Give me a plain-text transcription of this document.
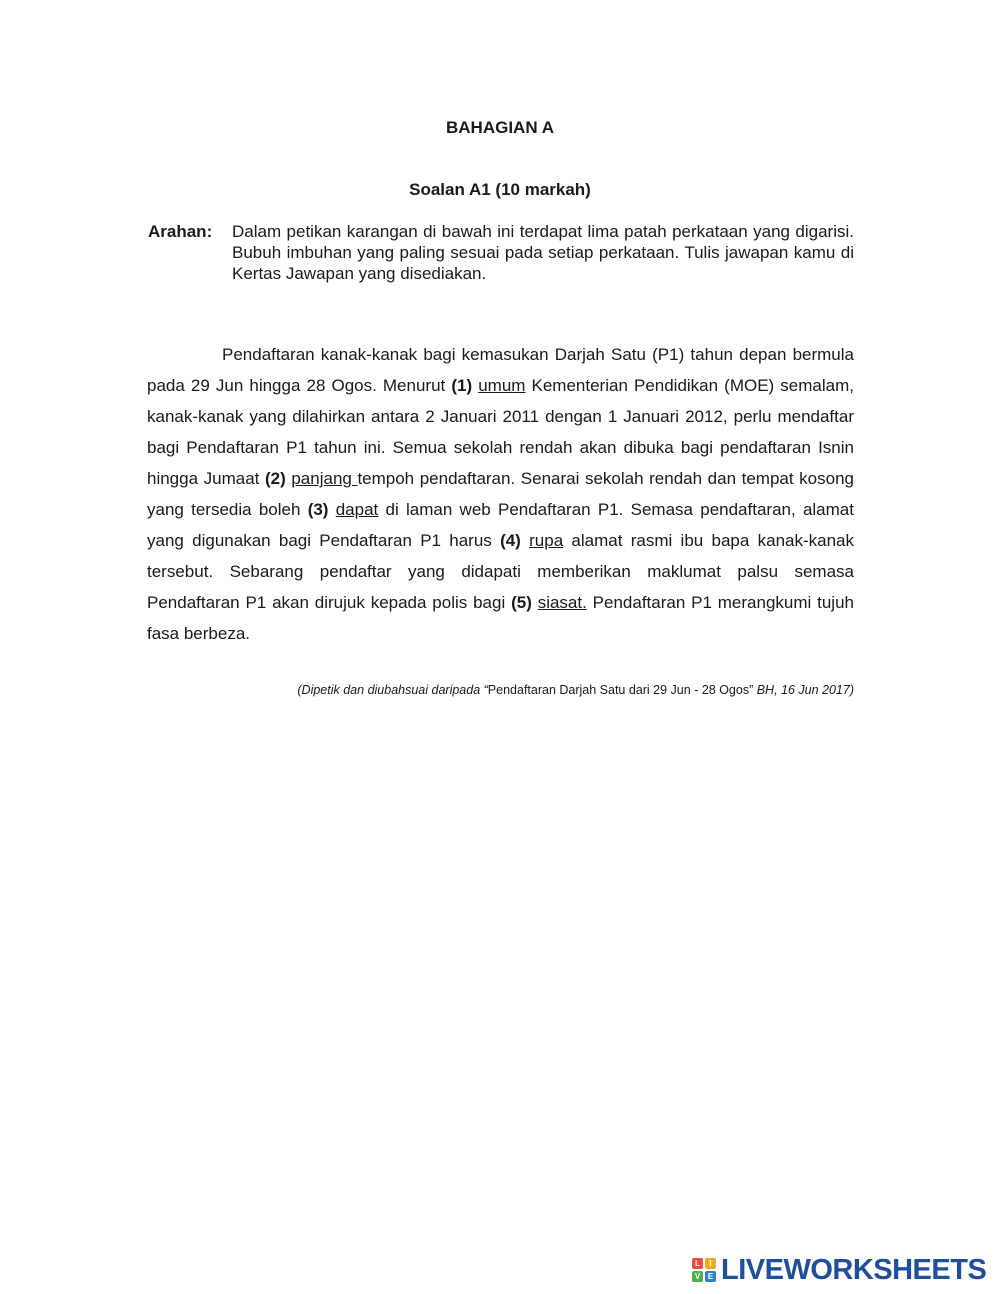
BAHAGIAN A
Soalan A1 (10 markah)
Arahan:	Dalam petikan karangan di bawah ini terdapat lima patah perkataan yang digarisi. Bubuh imbuhan yang paling sesuai pada setiap perkataan. Tulis jawapan kamu di Kertas Jawapan yang disediakan.

Pendaftaran kanak-kanak bagi kemasukan Darjah Satu (P1) tahun depan bermula pada 29 Jun hingga 28 Ogos. Menurut (1) umum Kementerian Pendidikan (MOE) semalam, kanak-kanak yang dilahirkan antara 2 Januari 2011 dengan 1 Januari 2012, perlu mendaftar bagi Pendaftaran P1 tahun ini. Semua sekolah rendah akan dibuka bagi pendaftaran Isnin hingga Jumaat (2) panjang tempoh pendaftaran. Senarai sekolah rendah dan tempat kosong yang tersedia boleh (3) dapat di laman web Pendaftaran P1. Semasa pendaftaran, alamat yang digunakan bagi Pendaftaran P1 harus (4) rupa alamat rasmi ibu bapa kanak-kanak tersebut. Sebarang pendaftar yang didapati memberikan maklumat palsu semasa Pendaftaran P1 akan dirujuk kepada polis bagi (5) siasat. Pendaftaran P1 merangkumi tujuh fasa berbeza.

(Dipetik dan diubahsuai daripada “Pendaftaran Darjah Satu dari 29 Jun - 28 Ogos” BH, 16 Jun 2017)
L	I
V E LIVEWORKSHEETS
